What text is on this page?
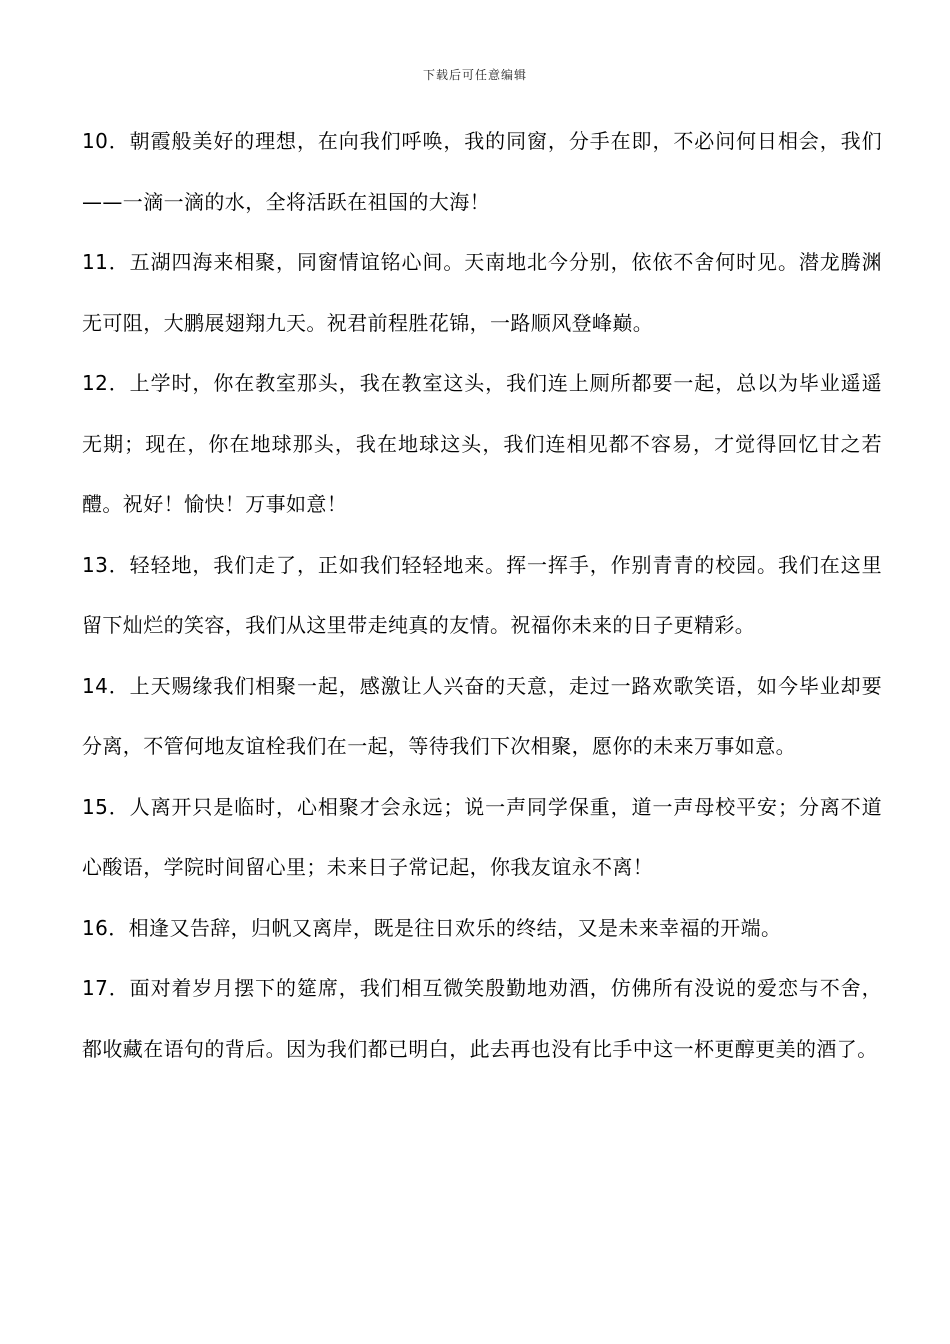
下载后可任意编辑

10．朝霞般美好的理想，在向我们呼唤，我的同窗，分手在即，不必问何日相会，我们——一滴一滴的水，全将活跃在祖国的大海！

11．五湖四海来相聚，同窗情谊铭心间。天南地北今分别，依依不舍何时见。潜龙腾渊无可阻，大鹏展翅翔九天。祝君前程胜花锦，一路顺风登峰巅。

12．上学时，你在教室那头，我在教室这头，我们连上厕所都要一起，总以为毕业遥遥无期；现在，你在地球那头，我在地球这头，我们连相见都不容易，才觉得回忆甘之若醴。祝好！愉快！万事如意！

13．轻轻地，我们走了，正如我们轻轻地来。挥一挥手，作别青青的校园。我们在这里留下灿烂的笑容，我们从这里带走纯真的友情。祝福你未来的日子更精彩。

14．上天赐缘我们相聚一起，感激让人兴奋的天意，走过一路欢歌笑语，如今毕业却要分离，不管何地友谊栓我们在一起，等待我们下次相聚，愿你的未来万事如意。

15．人离开只是临时，心相聚才会永远；说一声同学保重，道一声母校平安；分离不道心酸语，学院时间留心里；未来日子常记起，你我友谊永不离！

16．相逢又告辞，归帆又离岸，既是往日欢乐的终结，又是未来幸福的开端。

17．面对着岁月摆下的筵席，我们相互微笑殷勤地劝酒，仿佛所有没说的爱恋与不舍，都收藏在语句的背后。因为我们都已明白，此去再也没有比手中这一杯更醇更美的酒了。
